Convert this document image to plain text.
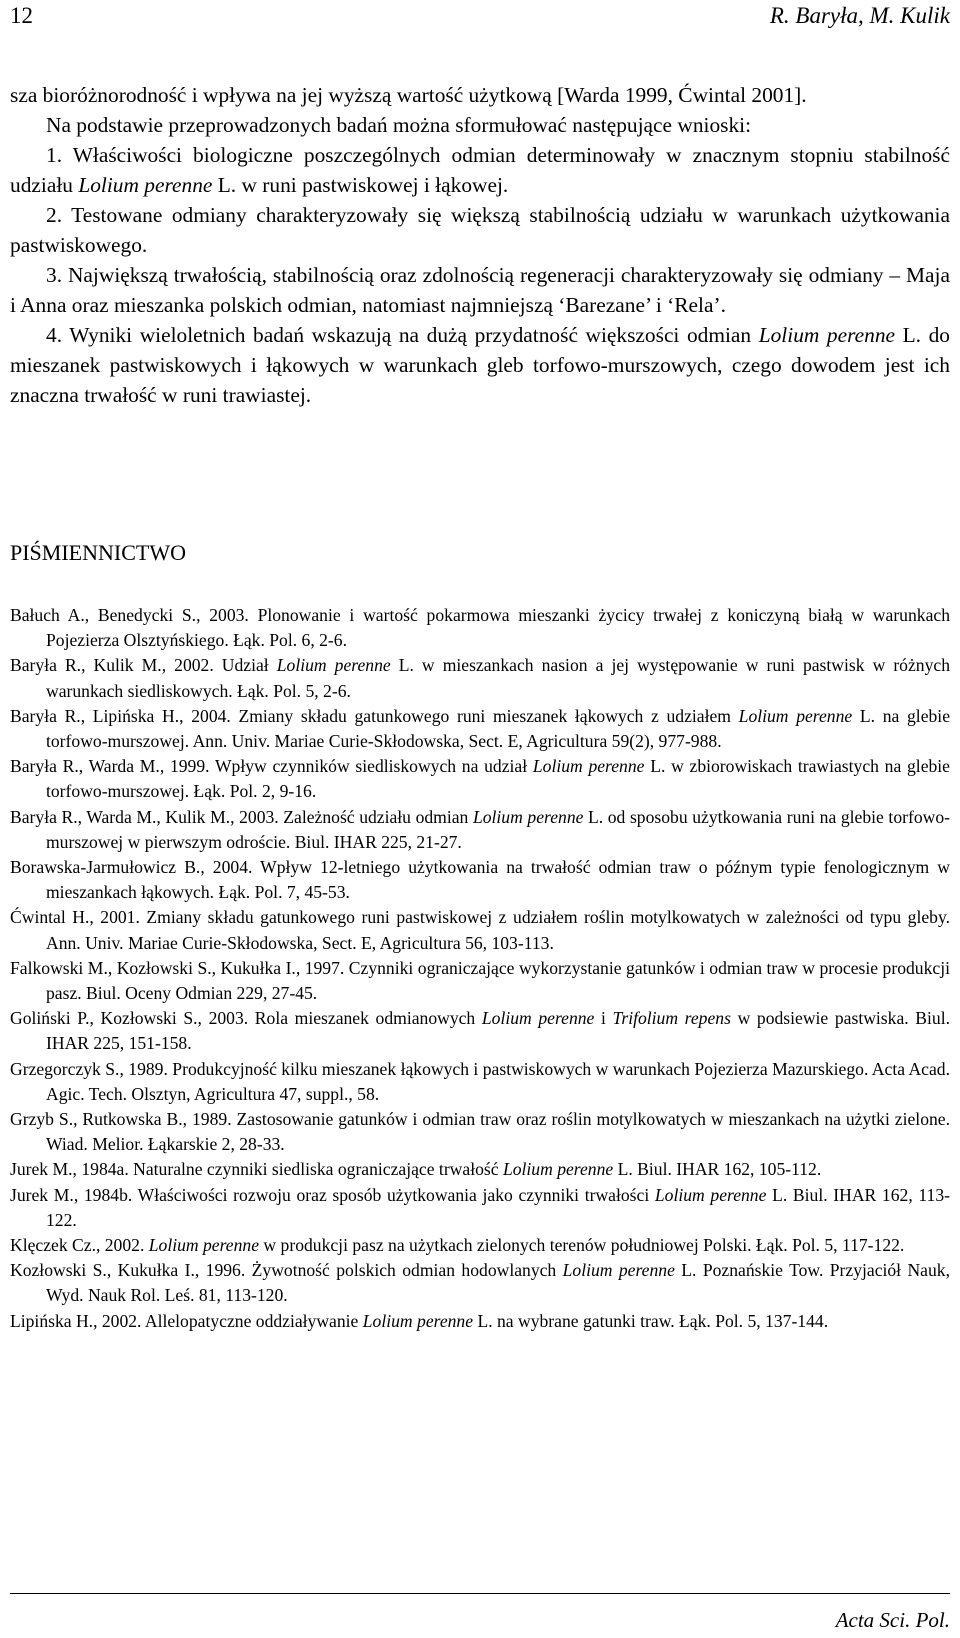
12	R. Baryła, M. Kulik

sza bioróżnorodność i wpływa na jej wyższą wartość użytkową [Warda 1999, Ćwintal 2001].

Na podstawie przeprowadzonych badań można sformułować następujące wnioski:

1. Właściwości biologiczne poszczególnych odmian determinowały w znacznym stopniu stabilność udziału Lolium perenne L. w runi pastwiskowej i łąkowej.

2. Testowane odmiany charakteryzowały się większą stabilnością udziału w warunkach użytkowania pastwiskowego.

3. Największą trwałością, stabilnością oraz zdolnością regeneracji charakteryzowały się odmiany – Maja i Anna oraz mieszanka polskich odmian, natomiast najmniejszą ‘Barezane’ i ‘Rela’.

4. Wyniki wieloletnich badań wskazują na dużą przydatność większości odmian Lolium perenne L. do mieszanek pastwiskowych i łąkowych w warunkach gleb torfowo-murszowych, czego dowodem jest ich znaczna trwałość w runi trawiastej.

PIŚMIENNICTWO
Bałuch A., Benedycki S., 2003. Plonowanie i wartość pokarmowa mieszanki życicy trwałej z koniczyną białą w warunkach Pojezierza Olsztyńskiego. Łąk. Pol. 6, 2-6.
Baryła R., Kulik M., 2002. Udział Lolium perenne L. w mieszankach nasion a jej występowanie w runi pastwisk w różnych warunkach siedliskowych. Łąk. Pol. 5, 2-6.
Baryła R., Lipińska H., 2004. Zmiany składu gatunkowego runi mieszanek łąkowych z udziałem Lolium perenne L. na glebie torfowo-murszowej. Ann. Univ. Mariae Curie-Skłodowska, Sect. E, Agricultura 59(2), 977-988.
Baryła R., Warda M., 1999. Wpływ czynników siedliskowych na udział Lolium perenne L. w zbiorowiskach trawiastych na glebie torfowo-murszowej. Łąk. Pol. 2, 9-16.
Baryła R., Warda M., Kulik M., 2003. Zależność udziału odmian Lolium perenne L. od sposobu użytkowania runi na glebie torfowo-murszowej w pierwszym odroście. Biul. IHAR 225, 21-27.
Borawska-Jarmułowicz B., 2004. Wpływ 12-letniego użytkowania na trwałość odmian traw o późnym typie fenologicznym w mieszankach łąkowych. Łąk. Pol. 7, 45-53.
Ćwintal H., 2001. Zmiany składu gatunkowego runi pastwiskowej z udziałem roślin motylkowatych w zależności od typu gleby. Ann. Univ. Mariae Curie-Skłodowska, Sect. E, Agricultura 56, 103-113.
Falkowski M., Kozłowski S., Kukułka I., 1997. Czynniki ograniczające wykorzystanie gatunków i odmian traw w procesie produkcji pasz. Biul. Oceny Odmian 229, 27-45.
Goliński P., Kozłowski S., 2003. Rola mieszanek odmianowych Lolium perenne i Trifolium repens w podsiewie pastwiska. Biul. IHAR 225, 151-158.
Grzegorczyk S., 1989. Produkcyjność kilku mieszanek łąkowych i pastwiskowych w warunkach Pojezierza Mazurskiego. Acta Acad. Agic. Tech. Olsztyn, Agricultura 47, suppl., 58.
Grzyb S., Rutkowska B., 1989. Zastosowanie gatunków i odmian traw oraz roślin motylkowatych w mieszankach na użytki zielone. Wiad. Melior. Łąkarskie 2, 28-33.
Jurek M., 1984a. Naturalne czynniki siedliska ograniczające trwałość Lolium perenne L. Biul. IHAR 162, 105-112.
Jurek M., 1984b. Właściwości rozwoju oraz sposób użytkowania jako czynniki trwałości Lolium perenne L. Biul. IHAR 162, 113-122.
Klęczek Cz., 2002. Lolium perenne w produkcji pasz na użytkach zielonych terenów południowej Polski. Łąk. Pol. 5, 117-122.
Kozłowski S., Kukułka I., 1996. Żywotność polskich odmian hodowlanych Lolium perenne L. Poznańskie Tow. Przyjaciół Nauk, Wyd. Nauk Rol. Leś. 81, 113-120.
Lipińska H., 2002. Allelopatyczne oddziaływanie Lolium perenne L. na wybrane gatunki traw. Łąk. Pol. 5, 137-144.
Acta Sci. Pol.
